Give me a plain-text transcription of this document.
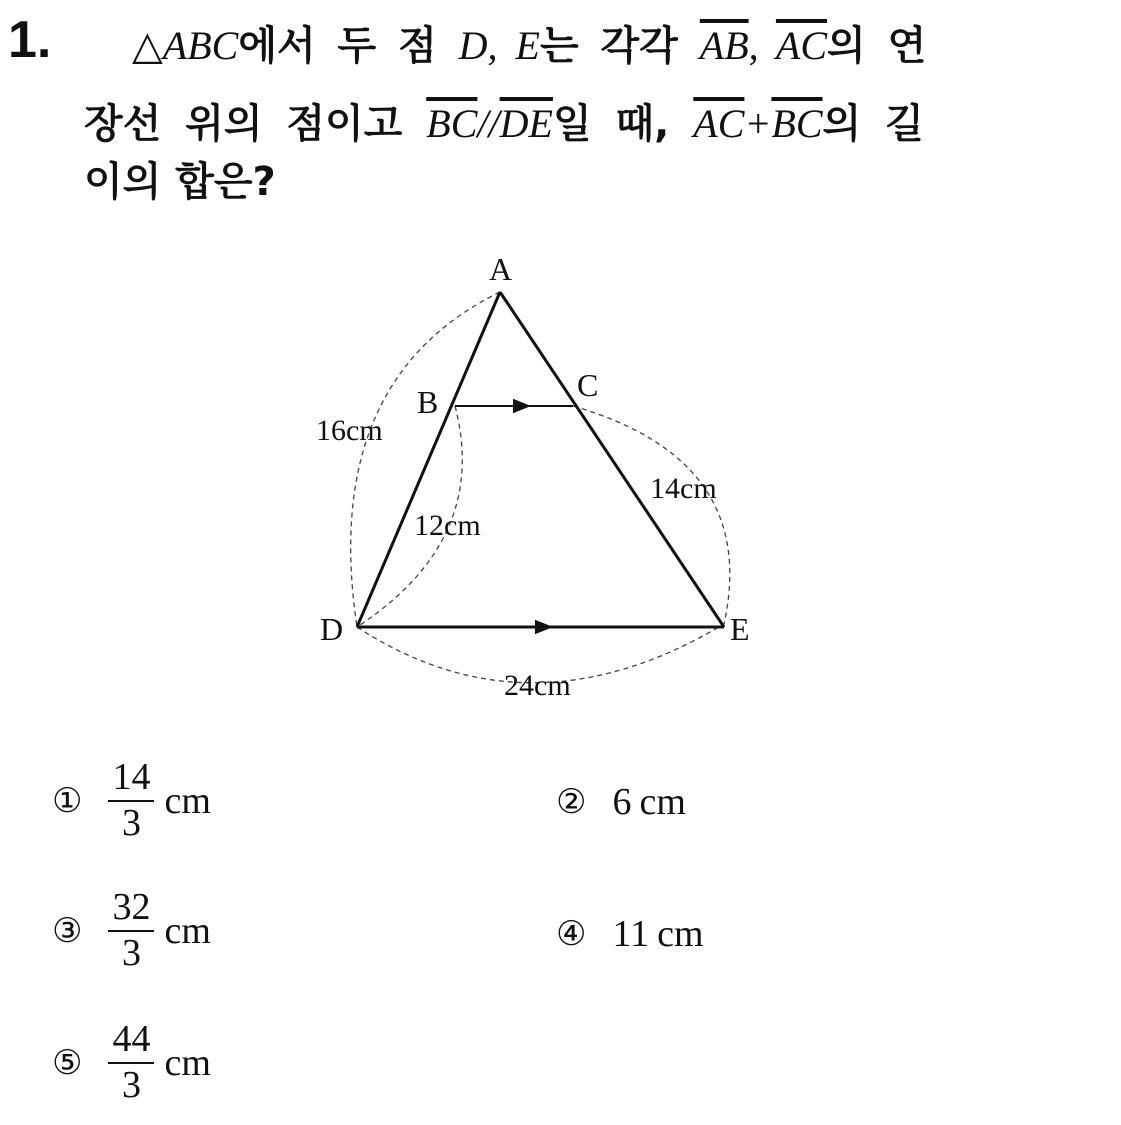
1. △ABC에서 두 점 D, E는 각각 $\overline{AB}$, $\overline{AC}$의 연
장선 위의 점이고 $\overline{BC}//\overline{DE}$일 때, $\overline{AC}+\overline{BC}$의 길
이의 합은?
A
B	C
D	E
16cm
12cm
14cm
24cm
① $\frac{14}{3}$ cm	② 6 cm
③ $\frac{32}{3}$ cm	④ 11 cm
⑤ $\frac{44}{3}$ cm
